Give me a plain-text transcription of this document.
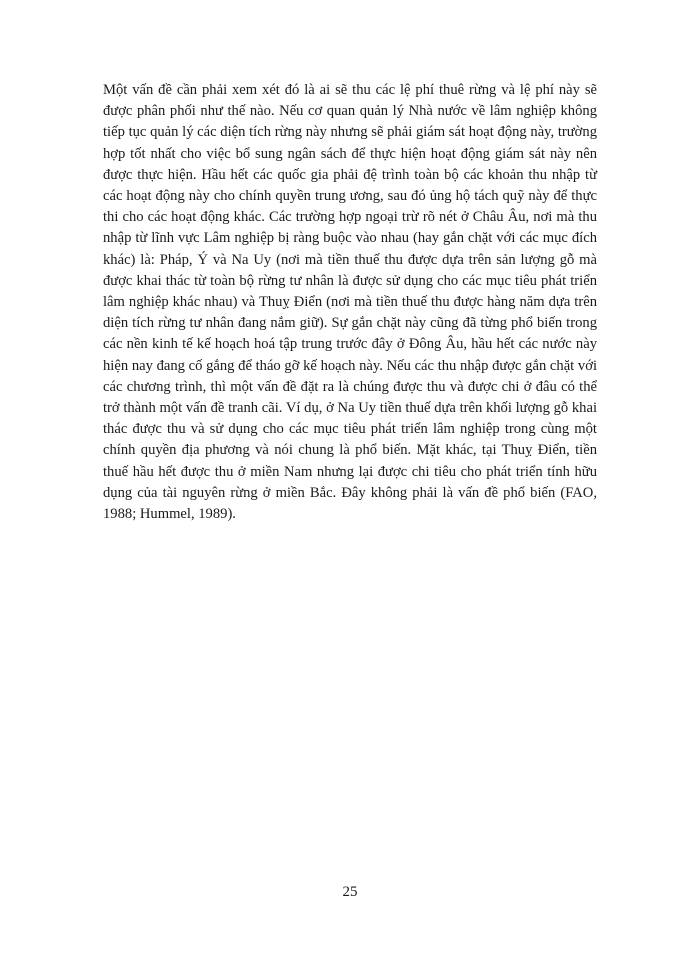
Một vấn đề cần phải xem xét đó là ai sẽ thu các lệ phí thuê rừng và lệ phí này sẽ được phân phối như thế nào. Nếu cơ quan quản lý Nhà nước về lâm nghiệp không tiếp tục quản lý các diện tích rừng này nhưng sẽ phải giám sát hoạt động này, trường hợp tốt nhất cho việc bổ sung ngân sách để thực hiện hoạt động giám sát này nên được thực hiện. Hầu hết các quốc gia phải đệ trình toàn bộ các khoản thu nhập từ các hoạt động này cho chính quyền trung ương, sau đó ủng hộ tách quỹ này để thực thi cho các hoạt động khác. Các trường hợp ngoại trừ rõ nét ở Châu Âu, nơi mà thu nhập từ lĩnh vực Lâm nghiệp bị ràng buộc vào nhau (hay gắn chặt với các mục đích khác) là: Pháp, Ý và Na Uy (nơi mà tiền thuế thu được dựa trên sản lượng gỗ mà được khai thác từ toàn bộ rừng tư nhân là được sử dụng cho các mục tiêu phát triển lâm nghiệp khác nhau) và Thuỵ Điển (nơi mà tiền thuế thu được hàng năm dựa trên diện tích rừng tư nhân đang nắm giữ). Sự gắn chặt này cũng đã từng phổ biến trong các nền kinh tế kế hoạch hoá tập trung trước đây ở Đông Âu, hầu hết các nước này hiện nay đang cố gắng để tháo gỡ kế hoạch này. Nếu các thu nhập được gắn chặt với các chương trình, thì một vấn đề đặt ra là chúng được thu và được chi ở đâu có thể trở thành một vấn đề tranh cãi. Ví dụ, ở Na Uy tiền thuế dựa trên khối lượng gỗ khai thác được thu và sử dụng cho các mục tiêu phát triển lâm nghiệp trong cùng một chính quyền địa phương và nói chung là phổ biến. Mặt khác, tại Thuỵ Điển, tiền thuế hầu hết được thu ở miền Nam nhưng lại được chi tiêu cho phát triển tính hữu dụng của tài nguyên rừng ở miền Bắc. Đây không phải là vấn đề phổ biến (FAO, 1988; Hummel, 1989).

25
